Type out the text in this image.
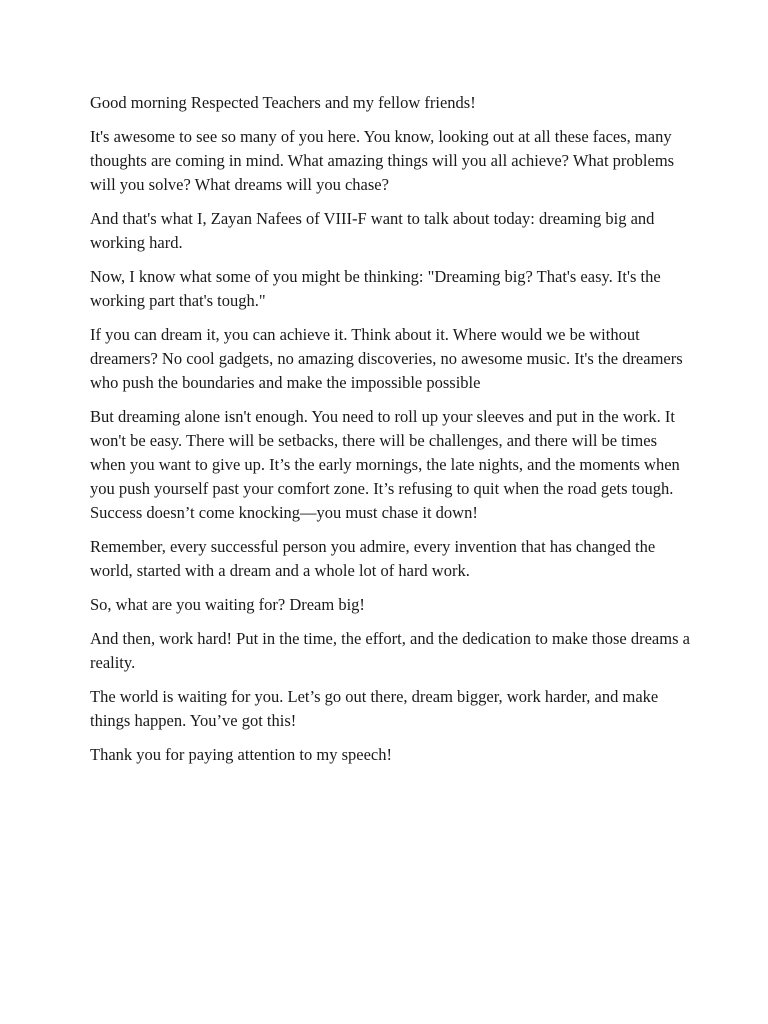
Good morning Respected Teachers and my fellow friends!

It's awesome to see so many of you here. You know, looking out at all these faces, many thoughts are coming in mind. What amazing things will you all achieve? What problems will you solve? What dreams will you chase?

And that's what I, Zayan Nafees of VIII-F want to talk about today: dreaming big and working hard.

Now, I know what some of you might be thinking: "Dreaming big? That's easy. It's the working part that's tough."

If you can dream it, you can achieve it. Think about it. Where would we be without dreamers? No cool gadgets, no amazing discoveries, no awesome music. It's the dreamers who push the boundaries and make the impossible possible

But dreaming alone isn't enough. You need to roll up your sleeves and put in the work. It won't be easy. There will be setbacks, there will be challenges, and there will be times when you want to give up. It’s the early mornings, the late nights, and the moments when you push yourself past your comfort zone. It’s refusing to quit when the road gets tough. Success doesn’t come knocking—you must chase it down!

Remember, every successful person you admire, every invention that has changed the world, started with a dream and a whole lot of hard work.

So, what are you waiting for? Dream big!

And then, work hard! Put in the time, the effort, and the dedication to make those dreams a reality.

The world is waiting for you. Let’s go out there, dream bigger, work harder, and make things happen. You’ve got this!

Thank you for paying attention to my speech!
